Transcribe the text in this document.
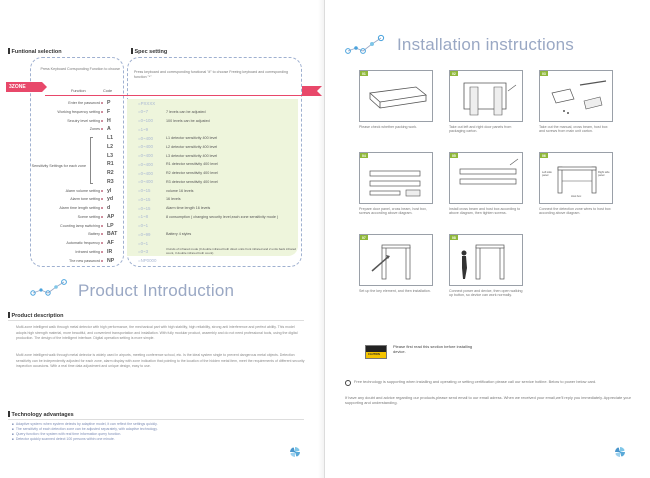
Funtional selection	Spec setting
Press Keyboard Corrsponding Function to choose
Press keyboard and corresponding functional "#" to choose Freeing keyboard and corresponding function "*"
3ZONE
Function	Code
Enter the password P	=PXXXX
Working frequency setting F	=0~7	7 levels can be adjusted
Secuiry level setting H	=0~100	100 levels can be adjusted
Zones A	=1~9
L1	=0~400	L1 detector sensitivity 400 level
L2	=0~400	L2 detector sensitivity 400 level
L3	=0~400	L3 detector sensitivity 400 level
R1	=0~400	R1 detector sensitivity 400 level
R2	=0~400	R2 detector sensitivity 400 level
R3	=0~400	R3 detector sensitivity 400 level
Alarm volume setting yl	=0~15	volume 16 levels
Alarm tone setting yd	=0~15	16 levels
Alarm time length setting d	=0~15	Alarm time length 16 levels
Scene setting AP	=1~8	8 consumption ( changing security level,each zone sensitivity mode )
Counting lamp switching LP	=0~1
Battery BAT	=0~99	Battery 4 styles
Automatic frequency AF	=0~1
Infrared setting IR	=0~3	3 kinds of infrared mode (0 double infrared both direct units front infrared and 2 units back infrared count, 3 double infrared both count)
The new password NP	=NP0000
Sensitivity Settings for each zone
Product Introduction
Product description
Multi-zone intelligent walk through metal detector with high performance, the mechanical part with high stability, high reliability, strong anti interference and perfect ability. This model adopts high strength material, more beautiful, and convenient transportation and installation. With fully modular product, assembly and do not need professional tools, using the digital production. The design of the intelligent interface. Digital operation setting is more simple.
Multi zone intelligent walk through metal detector is widely used in airports, meeting conference school, etc. Is the ideal system single to prevent dangerous metal objects. Detection sensitivity can be independently adjusted for each zone, alarm display with zone indication that pointing to the location of the hidden metal item, meet the requirements of different security inspection occasions. With a real time data adjustment and unique design, easy to use.
Technology advantages
■ Adaptive system: when system detects by adaptive model, it can reflect the settings quickly.
■ The sensitivity of each detection zone can be adjusted separately, with adaptive technology.
■ Query function: the system with real time information query function.
■ Detector quickly scanned detect 100 persons within one minute.
Installation instructions
01
Please check whether packing work.
02
Take out left and right door panels from packaging carton.
03
Take out the manual, cross beam, host box and screws from main unit carton.
04
Prepare door panel, cross beam, host box, screws according above diagram.
05
Install cross beam and host box according to above diagram, then tighten screws.
06
Left side panel
Right side panel
Host box
Connect the detection zone wires to host box according above diagram.
07
Set up the key element, and then installation.
08
Connect power and device, then open walking up button, so device can work normally.
CAUTION
Please first read this section before installing device.
Free technology is supporting when installing and operating or setting certification please call our service hotline. Below to power below card.
If have any doubt and advice regarding our products,please send email to our email adress. When we received your email,we'll reply you immediately. Appreciate your supporting and understanding.
